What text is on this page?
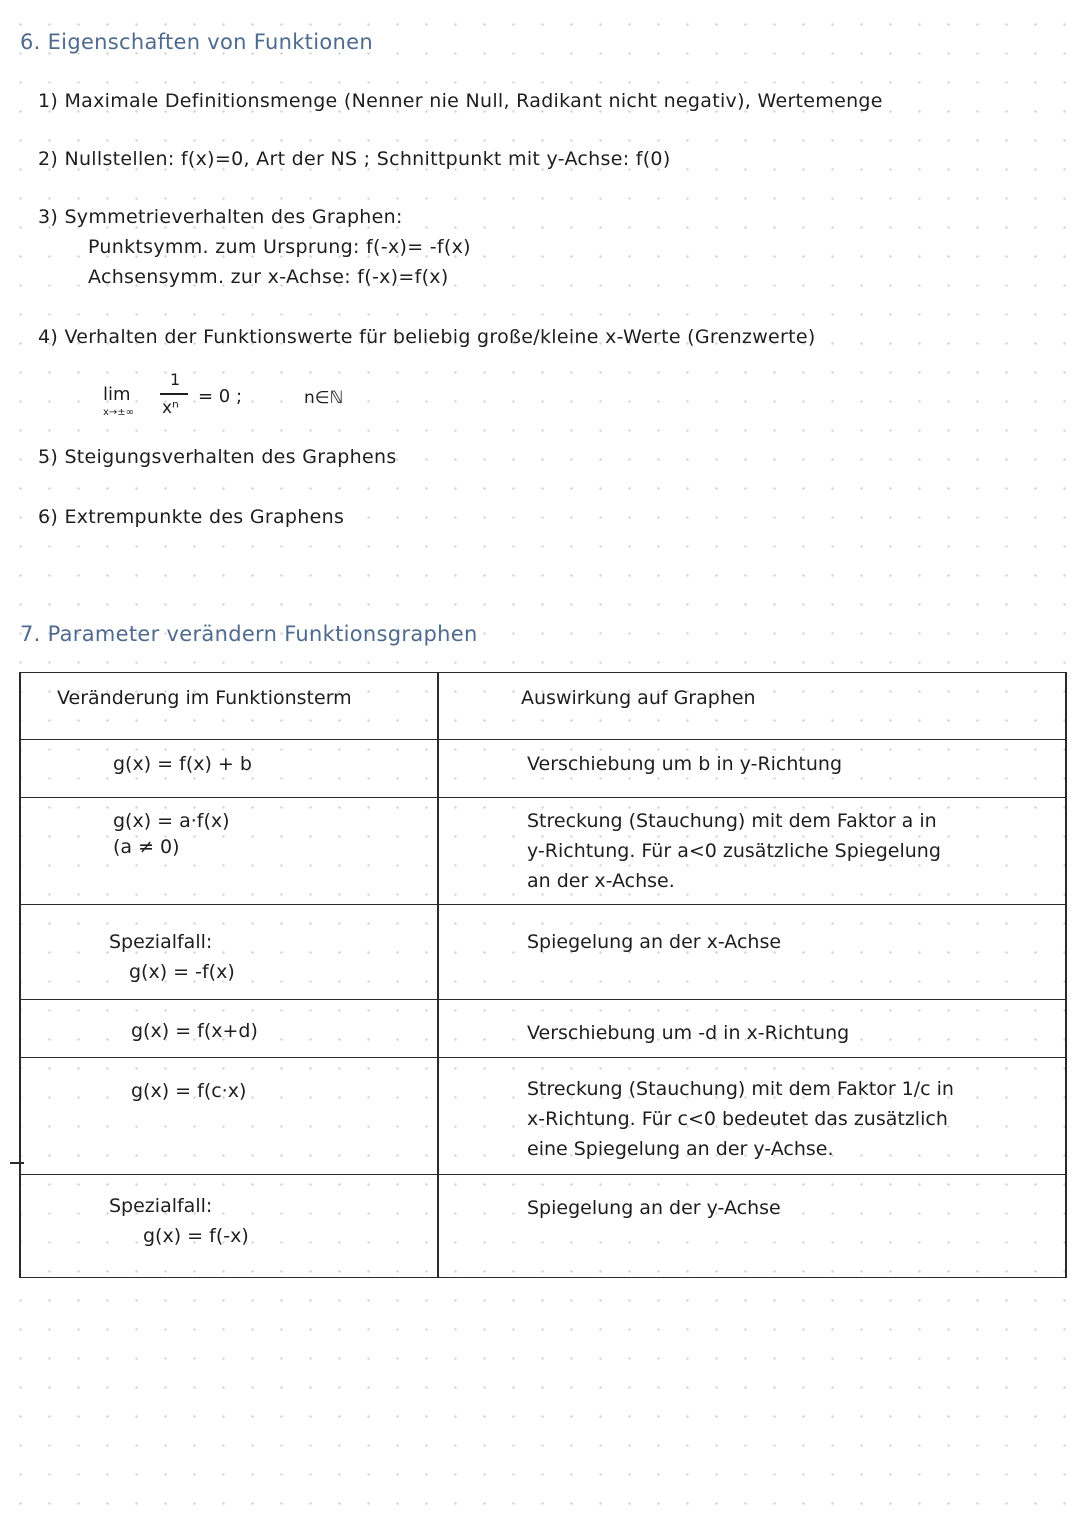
6. Eigenschaften von Funktionen
1) Maximale Definitionsmenge (Nenner nie Null, Radikant nicht negativ), Wertemenge
2) Nullstellen: f(x)=0, Art der NS ; Schnittpunkt mit y-Achse: f(0)
3) Symmetrieverhalten des Graphen:
Punktsymm. zum Ursprung: f(-x)= -f(x)
Achsensymm. zur x-Achse: f(-x)=f(x)
4) Verhalten der Funktionswerte für beliebig große/kleine x-Werte (Grenzwerte)
lim
x→±∞
1
xⁿ
= 0 ;	n∈ℕ
5) Steigungsverhalten des Graphens
6) Extrempunkte des Graphens
7. Parameter verändern Funktionsgraphen
Veränderung im Funktionsterm	Auswirkung auf Graphen

g(x) = f(x) + b	Verschiebung um b in y-Richtung

g(x) = a·f(x)
(a ≠ 0)	Streckung (Stauchung) mit dem Faktor a in
y-Richtung. Für a<0 zusätzliche Spiegelung
an der x-Achse.

Spezialfall:
g(x) = -f(x)	Spiegelung an der x-Achse

g(x) = f(x+d)	Verschiebung um -d in x-Richtung

g(x) = f(c·x)	Streckung (Stauchung) mit dem Faktor 1/c in
x-Richtung. Für c<0 bedeutet das zusätzlich
eine Spiegelung an der y-Achse.

Spezialfall:
g(x) = f(-x)	Spiegelung an der y-Achse
